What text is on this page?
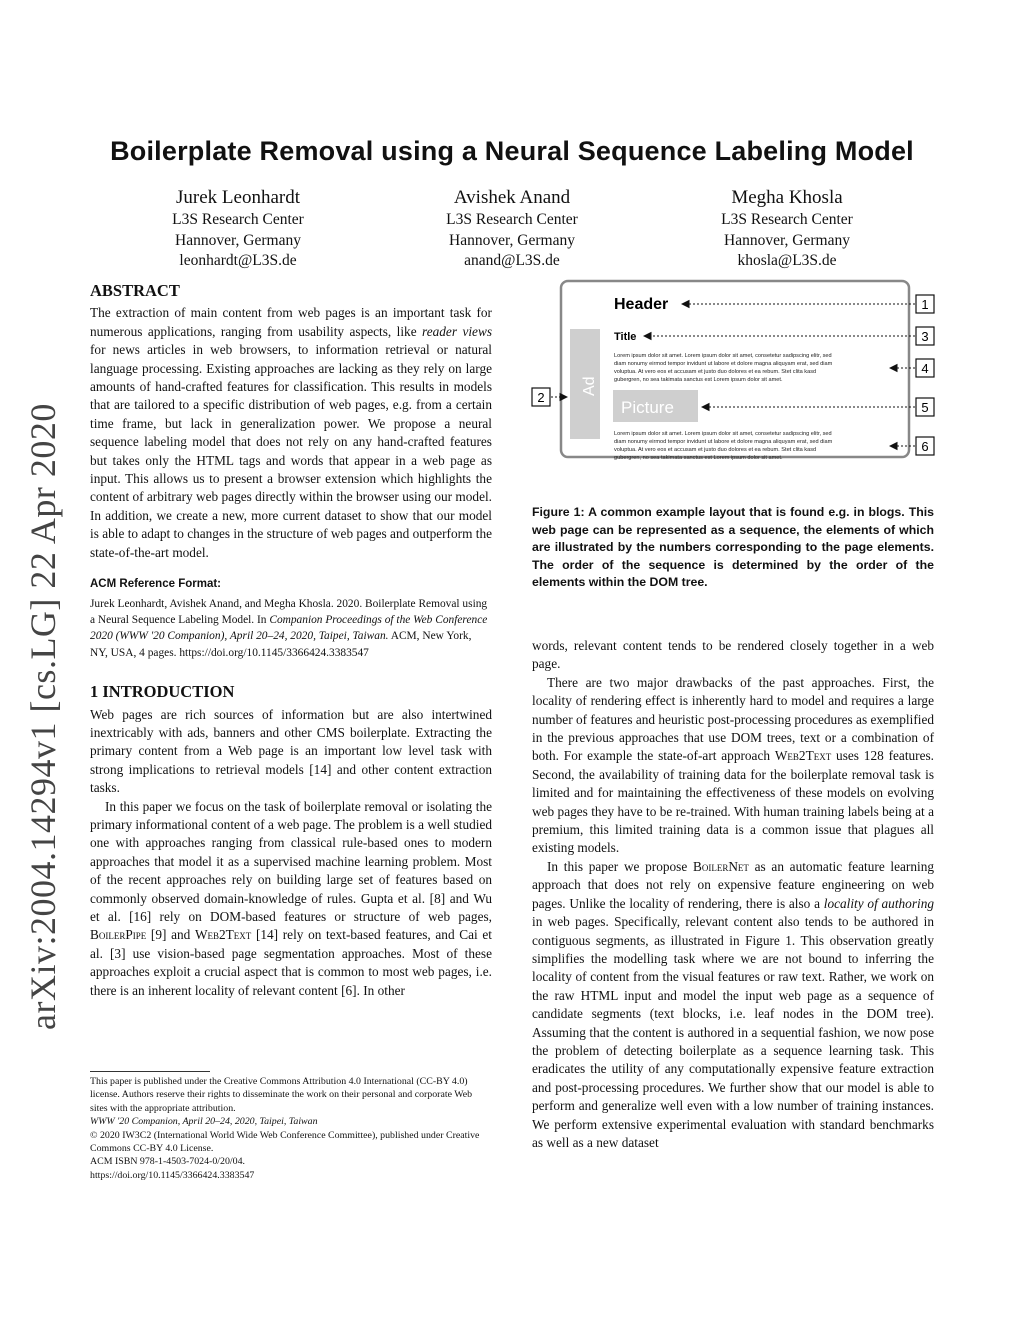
arXiv:2004.14294v1 [cs.LG] 22 Apr 2020
Boilerplate Removal using a Neural Sequence Labeling Model
Jurek Leonhardt
L3S Research Center
Hannover, Germany
leonhardt@L3S.de
Avishek Anand
L3S Research Center
Hannover, Germany
anand@L3S.de
Megha Khosla
L3S Research Center
Hannover, Germany
khosla@L3S.de
ABSTRACT

The extraction of main content from web pages is an important task for numerous applications, ranging from usability aspects, like reader views for news articles in web browsers, to information retrieval or natural language processing. Existing approaches are lacking as they rely on large amounts of hand-crafted features for classification. This results in models that are tailored to a specific distribution of web pages, e.g. from a certain time frame, but lack in generalization power. We propose a neural sequence labeling model that does not rely on any hand-crafted features but takes only the HTML tags and words that appear in a web page as input. This allows us to present a browser extension which highlights the content of arbitrary web pages directly within the browser using our model. In addition, we create a new, more current dataset to show that our model is able to adapt to changes in the structure of web pages and outperform the state-of-the-art model.

ACM Reference Format:
Jurek Leonhardt, Avishek Anand, and Megha Khosla. 2020. Boilerplate Removal using a Neural Sequence Labeling Model. In Companion Proceedings of the Web Conference 2020 (WWW '20 Companion), April 20–24, 2020, Taipei, Taiwan. ACM, New York, NY, USA, 4 pages. https://doi.org/10.1145/3366424.3383547
1 INTRODUCTION

Web pages are rich sources of information but are also intertwined inextricably with ads, banners and other CMS boilerplate. Extracting the primary content from a Web page is an important low level task with strong implications to retrieval models [14] and other content extraction tasks.

In this paper we focus on the task of boilerplate removal or isolating the primary informational content of a web page. The problem is a well studied one with approaches ranging from classical rule-based ones to modern approaches that model it as a supervised machine learning problem. Most of the recent approaches rely on building large set of features based on commonly observed domain-knowledge of rules. Gupta et al. [8] and Wu et al. [16] rely on DOM-based features or structure of web pages, BoilerPipe [9] and Web2Text [14] rely on text-based features, and Cai et al. [3] use vision-based page segmentation approaches. Most of these approaches exploit a crucial aspect that is common to most web pages, i.e. there is an inherent locality of relevant content [6]. In other

This paper is published under the Creative Commons Attribution 4.0 International (CC-BY 4.0) license. Authors reserve their rights to disseminate the work on their personal and corporate Web sites with the appropriate attribution.
WWW '20 Companion, April 20–24, 2020, Taipei, Taiwan
© 2020 IW3C2 (International World Wide Web Conference Committee), published under Creative Commons CC-BY 4.0 License.
ACM ISBN 978-1-4503-7024-0/20/04.
https://doi.org/10.1145/3366424.3383547
Ad
Picture
Header
Title
Lorem ipsum dolor sit amet. Lorem ipsum dolor sit amet, consetetur sadipscing elitr, sed
diam nonumy eirmod tempor invidunt ut labore et dolore magna aliquyam erat, sed diam
voluptua. At vero eos et accusam et justo duo dolores et ea rebum. Stet clita kasd
gubergren, no sea takimata sanctus est Lorem ipsum dolor sit amet.
Lorem ipsum dolor sit amet. Lorem ipsum dolor sit amet, consetetur sadipscing elitr, sed
diam nonumy eirmod tempor invidunt ut labore et dolore magna aliquyam erat, sed diam
voluptua. At vero eos et accusam et justo duo dolores et ea rebum. Stet clita kasd
gubergren, no sea takimata sanctus est Lorem ipsum dolor sit amet.
1
3
4
5
6
2
Figure 1: A common example layout that is found e.g. in blogs. This web page can be represented as a sequence, the elements of which are illustrated by the numbers corresponding to the page elements. The order of the sequence is determined by the order of the elements within the DOM tree.

words, relevant content tends to be rendered closely together in a web page.

There are two major drawbacks of the past approaches. First, the locality of rendering effect is inherently hard to model and requires a large number of features and heuristic post-processing procedures as exemplified in the previous approaches that use DOM trees, text or a combination of both. For example the state-of-art approach Web2Text uses 128 features. Second, the availability of training data for the boilerplate removal task is limited and for maintaining the effectiveness of these models on evolving web pages they have to be re-trained. With human training labels being at a premium, this limited training data is a common issue that plagues all existing models.

In this paper we propose BoilerNet as an automatic feature learning approach that does not rely on expensive feature engineering on web pages. Unlike the locality of rendering, there is also a locality of authoring in web pages. Specifically, relevant content also tends to be authored in contiguous segments, as illustrated in Figure 1. This observation greatly simplifies the modelling task where we are not bound to inferring the locality of content from the visual features or raw text. Rather, we work on the raw HTML input and model the input web page as a sequence of candidate segments (text blocks, i.e. leaf nodes in the DOM tree). Assuming that the content is authored in a sequential fashion, we now pose the problem of detecting boilerplate as a sequence learning task. This eradicates the utility of any computationally expensive feature extraction and post-processing procedures. We further show that our model is able to perform and generalize well even with a low number of training instances. We perform extensive experimental evaluation with standard benchmarks as well as a new dataset
